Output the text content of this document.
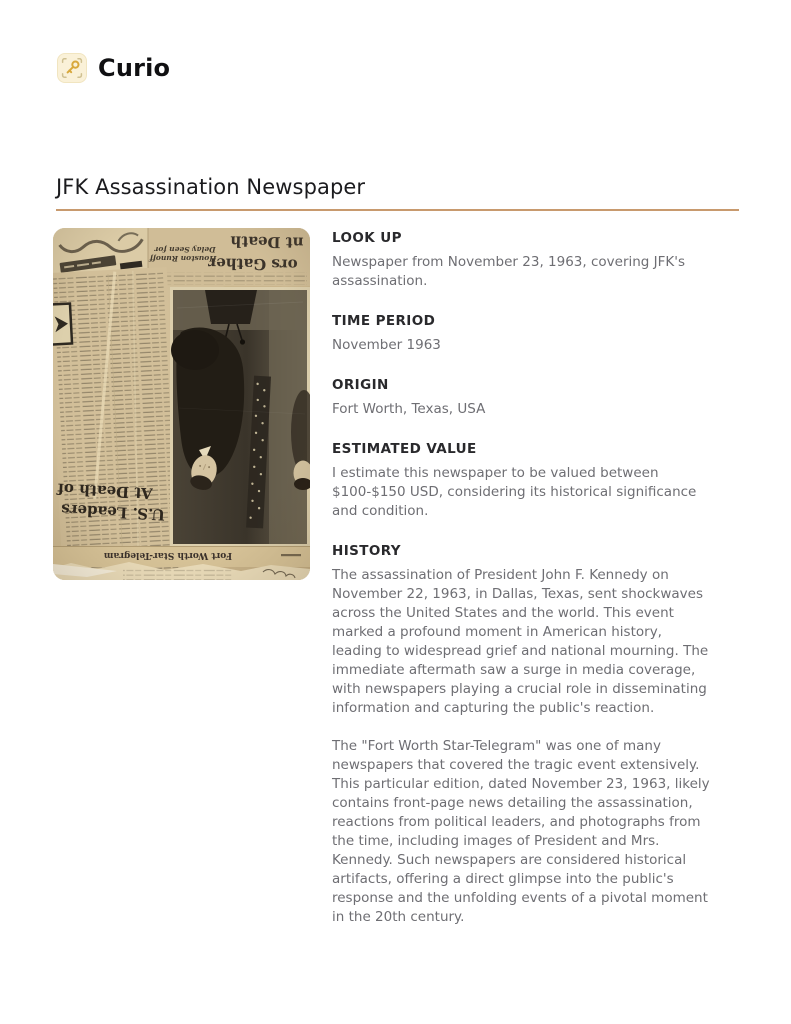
Curio
JFK Assassination Newspaper
LOOK UP

Newspaper from November 23, 1963, covering JFK's assassination.

TIME PERIOD

November 1963

ORIGIN

Fort Worth, Texas, USA

ESTIMATED VALUE

I estimate this newspaper to be valued between $100-$150 USD, considering its historical significance and condition.

HISTORY

The assassination of President John F. Kennedy on November 22, 1963, in Dallas, Texas, sent shockwaves across the United States and the world. This event marked a profound moment in American history, leading to widespread grief and national mourning. The immediate aftermath saw a surge in media coverage, with newspapers playing a crucial role in disseminating information and capturing the public's reaction.

The "Fort Worth Star-Telegram" was one of many newspapers that covered the tragic event extensively. This particular edition, dated November 23, 1963, likely contains front-page news detailing the assassination, reactions from political leaders, and photographs from the time, including images of President and Mrs. Kennedy. Such newspapers are considered historical artifacts, offering a direct glimpse into the public's response and the unfolding events of a pivotal moment in the 20th century.
